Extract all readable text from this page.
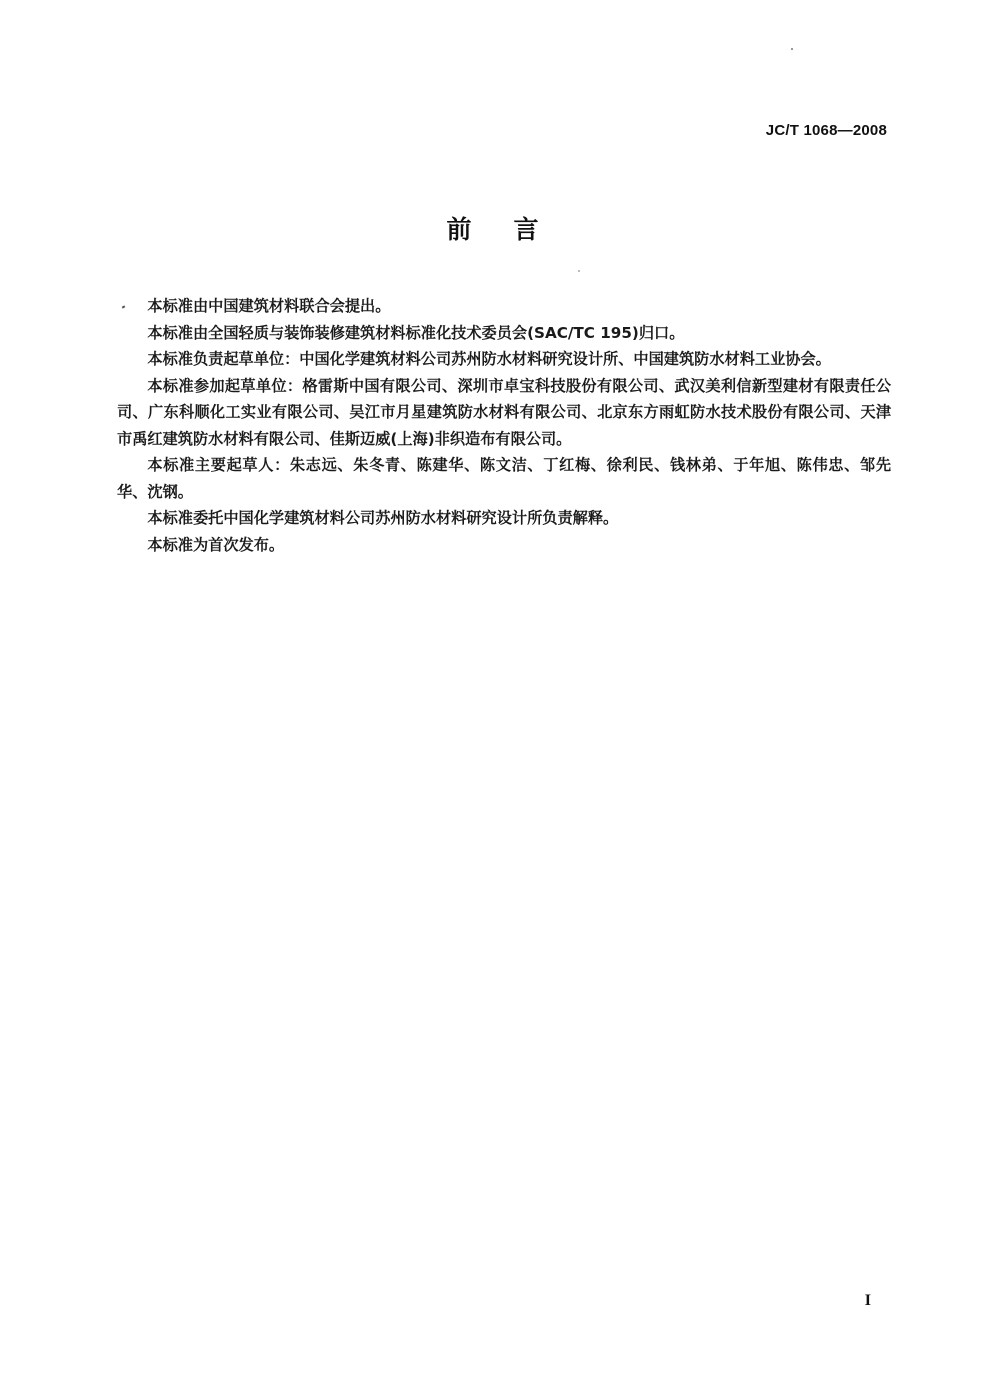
JC/T 1068—2008
前言

本标准由中国建筑材料联合会提出。

本标准由全国轻质与装饰装修建筑材料标准化技术委员会(SAC/TC 195)归口。

本标准负责起草单位：中国化学建筑材料公司苏州防水材料研究设计所、中国建筑防水材料工业协会。

本标准参加起草单位：格雷斯中国有限公司、深圳市卓宝科技股份有限公司、武汉美利信新型建材有限责任公司、广东科顺化工实业有限公司、吴江市月星建筑防水材料有限公司、北京东方雨虹防水技术股份有限公司、天津市禹红建筑防水材料有限公司、佳斯迈威(上海)非织造布有限公司。

本标准主要起草人：朱志远、朱冬青、陈建华、陈文洁、丁红梅、徐利民、钱林弟、于年旭、陈伟忠、邹先华、沈钢。

本标准委托中国化学建筑材料公司苏州防水材料研究设计所负责解释。

本标准为首次发布。

I
